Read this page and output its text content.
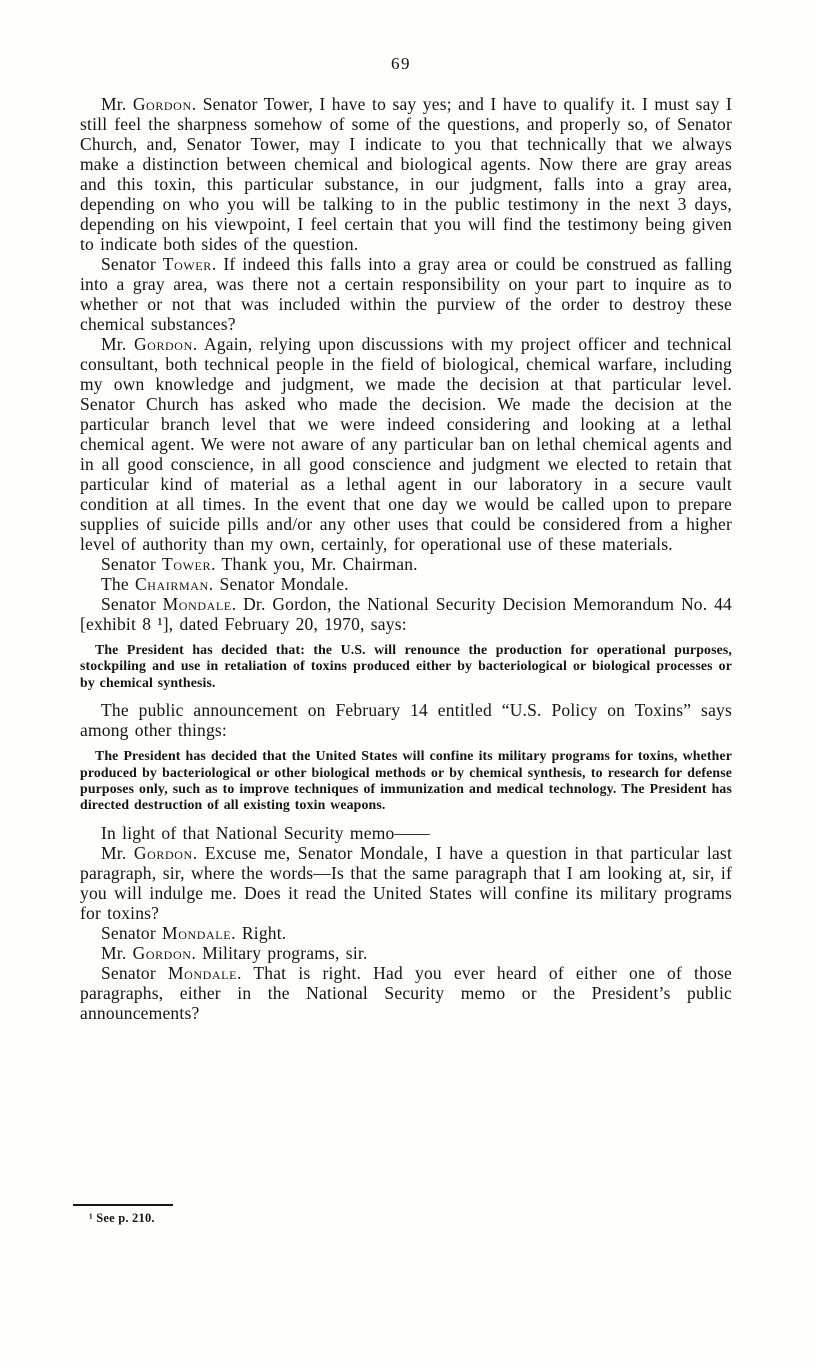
69

Mr. Gordon. Senator Tower, I have to say yes; and I have to qualify it. I must say I still feel the sharpness somehow of some of the questions, and properly so, of Senator Church, and, Senator Tower, may I indicate to you that technically that we always make a distinction between chemical and biological agents. Now there are gray areas and this toxin, this particular substance, in our judgment, falls into a gray area, depending on who you will be talking to in the public testimony in the next 3 days, depending on his viewpoint, I feel certain that you will find the testimony being given to indicate both sides of the question.

Senator Tower. If indeed this falls into a gray area or could be construed as falling into a gray area, was there not a certain responsibility on your part to inquire as to whether or not that was included within the purview of the order to destroy these chemical substances?

Mr. Gordon. Again, relying upon discussions with my project officer and technical consultant, both technical people in the field of biological, chemical warfare, including my own knowledge and judgment, we made the decision at that particular level. Senator Church has asked who made the decision. We made the decision at the particular branch level that we were indeed considering and looking at a lethal chemical agent. We were not aware of any particular ban on lethal chemical agents and in all good conscience, in all good conscience and judgment we elected to retain that particular kind of material as a lethal agent in our laboratory in a secure vault condition at all times. In the event that one day we would be called upon to prepare supplies of suicide pills and/or any other uses that could be considered from a higher level of authority than my own, certainly, for operational use of these materials.

Senator Tower. Thank you, Mr. Chairman.

The Chairman. Senator Mondale.

Senator Mondale. Dr. Gordon, the National Security Decision Memorandum No. 44 [exhibit 8 ¹], dated February 20, 1970, says:

The President has decided that: the U.S. will renounce the production for operational purposes, stockpiling and use in retaliation of toxins produced either by bacteriological or biological processes or by chemical synthesis.

The public announcement on February 14 entitled “U.S. Policy on Toxins” says among other things:

The President has decided that the United States will confine its military programs for toxins, whether produced by bacteriological or other biological methods or by chemical synthesis, to research for defense purposes only, such as to improve techniques of immunization and medical technology. The President has directed destruction of all existing toxin weapons.

In light of that National Security memo——

Mr. Gordon. Excuse me, Senator Mondale, I have a question in that particular last paragraph, sir, where the words—Is that the same paragraph that I am looking at, sir, if you will indulge me. Does it read the United States will confine its military programs for toxins?

Senator Mondale. Right.

Mr. Gordon. Military programs, sir.

Senator Mondale. That is right. Had you ever heard of either one of those paragraphs, either in the National Security memo or the President’s public announcements?

¹ See p. 210.
